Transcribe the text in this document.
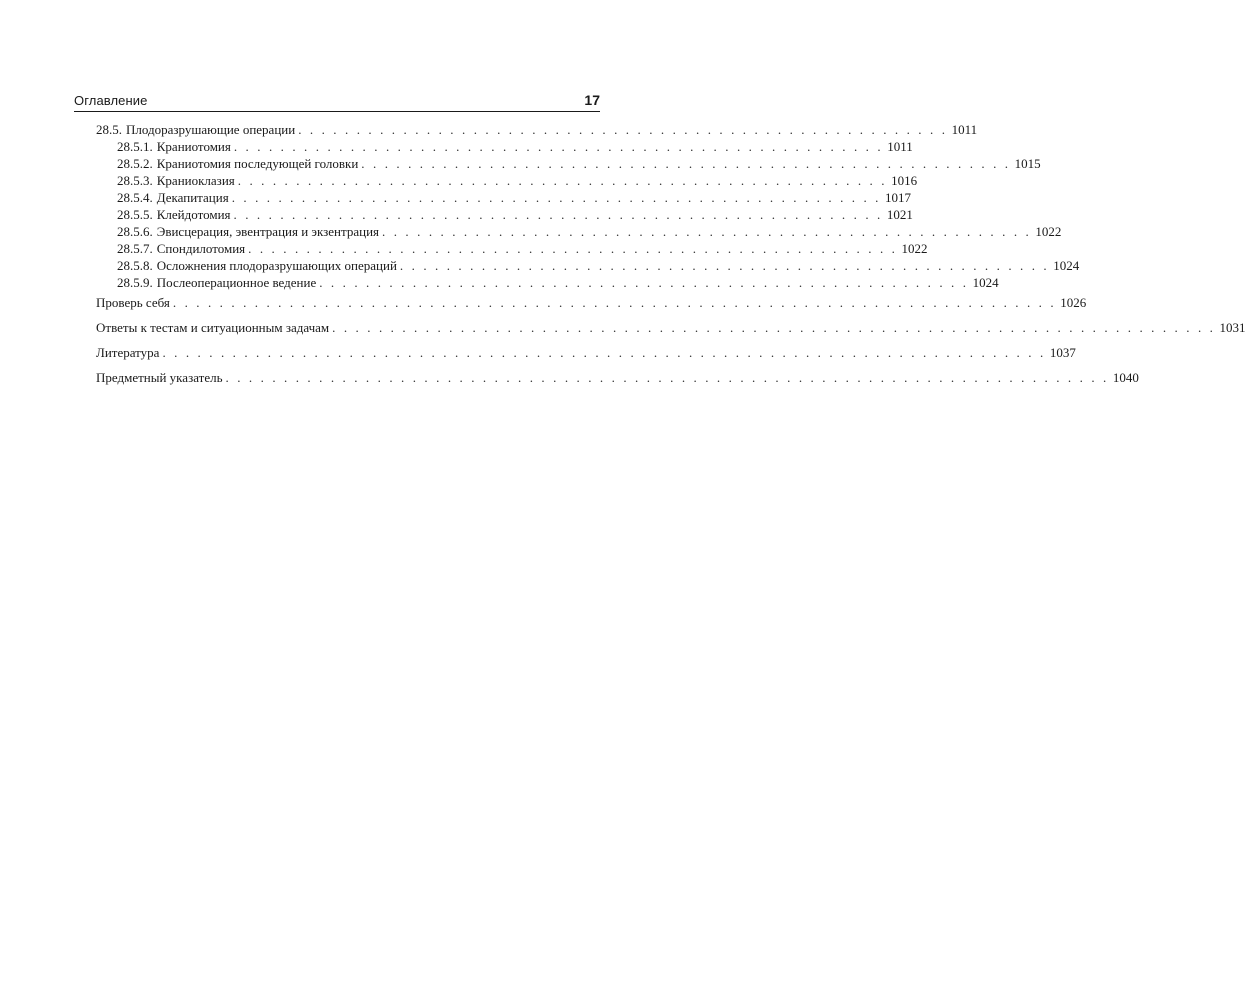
Оглавление	17
28.5. Плодоразрушающие операции . . . . . . . . . . . . . . . . . . . . . . . . . . . . . . . . . . . . . . . . . . . . . . . . . . . . . . . . 1011
28.5.1. Краниотомия . . . . . . . . . . . . . . . . . . . . . . . . . . . . . . . . . . . . . . . . . . . . . . . . . . . . . . . . 1011
28.5.2. Краниотомия последующей головки . . . . . . . . . . . . . . . . . . . . . . . . . . . . . . . . . . . . . . . . . . . . . . . . . . . . . . . . 1015
28.5.3. Краниоклазия . . . . . . . . . . . . . . . . . . . . . . . . . . . . . . . . . . . . . . . . . . . . . . . . . . . . . . . . 1016
28.5.4. Декапитация . . . . . . . . . . . . . . . . . . . . . . . . . . . . . . . . . . . . . . . . . . . . . . . . . . . . . . . . 1017
28.5.5. Клейдотомия . . . . . . . . . . . . . . . . . . . . . . . . . . . . . . . . . . . . . . . . . . . . . . . . . . . . . . . . 1021
28.5.6. Эвисцерация, эвентрация и экзентрация . . . . . . . . . . . . . . . . . . . . . . . . . . . . . . . . . . . . . . . . . . . . . . . . . . . . . . . . 1022
28.5.7. Спондилотомия . . . . . . . . . . . . . . . . . . . . . . . . . . . . . . . . . . . . . . . . . . . . . . . . . . . . . . . . 1022
28.5.8. Осложнения плодоразрушающих операций . . . . . . . . . . . . . . . . . . . . . . . . . . . . . . . . . . . . . . . . . . . . . . . . . . . . . . . . 1024
28.5.9. Послеоперационное ведение . . . . . . . . . . . . . . . . . . . . . . . . . . . . . . . . . . . . . . . . . . . . . . . . . . . . . . . . 1024
Проверь себя . . . . . . . . . . . . . . . . . . . . . . . . . . . . . . . . . . . . . . . . . . . . . . . . . . . . . . . . . . . . . . . . . . . . . . . . . . . . 1026
Ответы к тестам и ситуационным задачам . . . . . . . . . . . . . . . . . . . . . . . . . . . . . . . . . . . . . . . . . . . . . . . . . . . . . . . . . . . . . . . . . . . . . . . . . . . . 1031
Литература . . . . . . . . . . . . . . . . . . . . . . . . . . . . . . . . . . . . . . . . . . . . . . . . . . . . . . . . . . . . . . . . . . . . . . . . . . . . 1037
Предметный указатель . . . . . . . . . . . . . . . . . . . . . . . . . . . . . . . . . . . . . . . . . . . . . . . . . . . . . . . . . . . . . . . . . . . . . . . . . . . . 1040
